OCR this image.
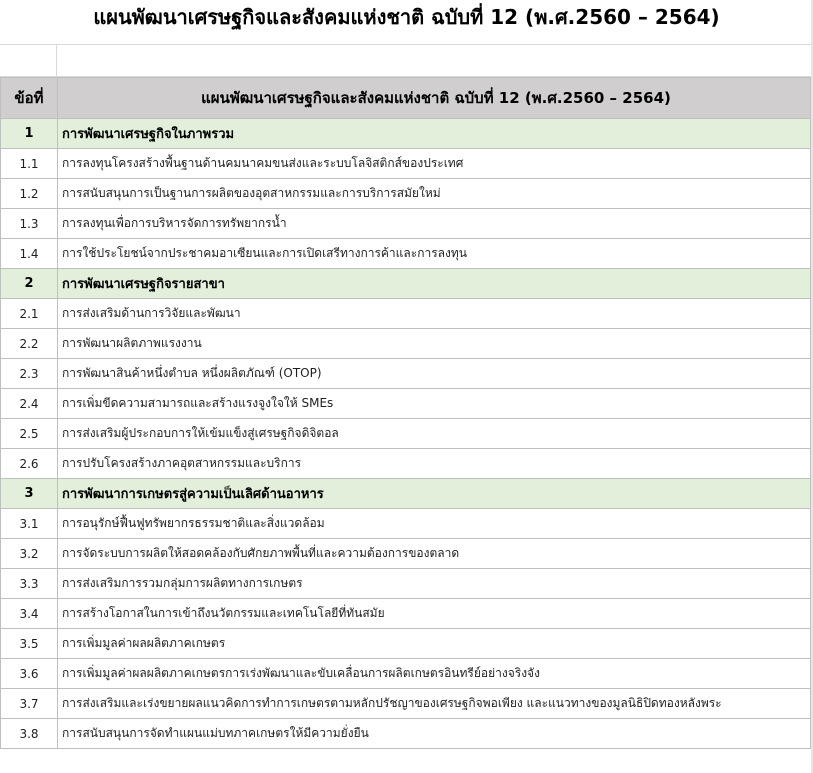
แผนพัฒนาเศรษฐกิจและสังคมแห่งชาติ ฉบับที่ 12 (พ.ศ.2560 – 2564)
ข้อที่	แผนพัฒนาเศรษฐกิจและสังคมแห่งชาติ ฉบับที่ 12 (พ.ศ.2560 – 2564)
1	การพัฒนาเศรษฐกิจในภาพรวม
1.1	การลงทุนโครงสร้างพื้นฐานด้านคมนาคมขนส่งและระบบโลจิสติกส์ของประเทศ
1.2	การสนับสนุนการเป็นฐานการผลิตของอุตสาหกรรมและการบริการสมัยใหม่
1.3	การลงทุนเพื่อการบริหารจัดการทรัพยากรน้ำ
1.4	การใช้ประโยชน์จากประชาคมอาเซียนและการเปิดเสรีทางการค้าและการลงทุน
2	การพัฒนาเศรษฐกิจรายสาขา
2.1	การส่งเสริมด้านการวิจัยและพัฒนา
2.2	การพัฒนาผลิตภาพแรงงาน
2.3	การพัฒนาสินค้าหนึ่งตำบล หนึ่งผลิตภัณฑ์ (OTOP)
2.4	การเพิ่มขีดความสามารถและสร้างแรงจูงใจให้ SMEs
2.5	การส่งเสริมผู้ประกอบการให้เข้มแข็งสู่เศรษฐกิจดิจิตอล
2.6	การปรับโครงสร้างภาคอุตสาหกรรมและบริการ
3	การพัฒนาการเกษตรสู่ความเป็นเลิศด้านอาหาร
3.1	การอนุรักษ์ฟื้นฟูทรัพยากรธรรมชาติและสิ่งแวดล้อม
3.2	การจัดระบบการผลิตให้สอดคล้องกับศักยภาพพื้นที่และความต้องการของตลาด
3.3	การส่งเสริมการรวมกลุ่มการผลิตทางการเกษตร
3.4	การสร้างโอกาสในการเข้าถึงนวัตกรรมและเทคโนโลยีที่ทันสมัย
3.5	การเพิ่มมูลค่าผลผลิตภาคเกษตร
3.6	การเพิ่มมูลค่าผลผลิตภาคเกษตรการเร่งพัฒนาและขับเคลื่อนการผลิตเกษตรอินทรีย์อย่างจริงจัง
3.7	การส่งเสริมและเร่งขยายผลแนวคิดการทำการเกษตรตามหลักปรัชญาของเศรษฐกิจพอเพียง และแนวทางของมูลนิธิปิดทองหลังพระ
3.8	การสนับสนุนการจัดทำแผนแม่บทภาคเกษตรให้มีความยั่งยืน
